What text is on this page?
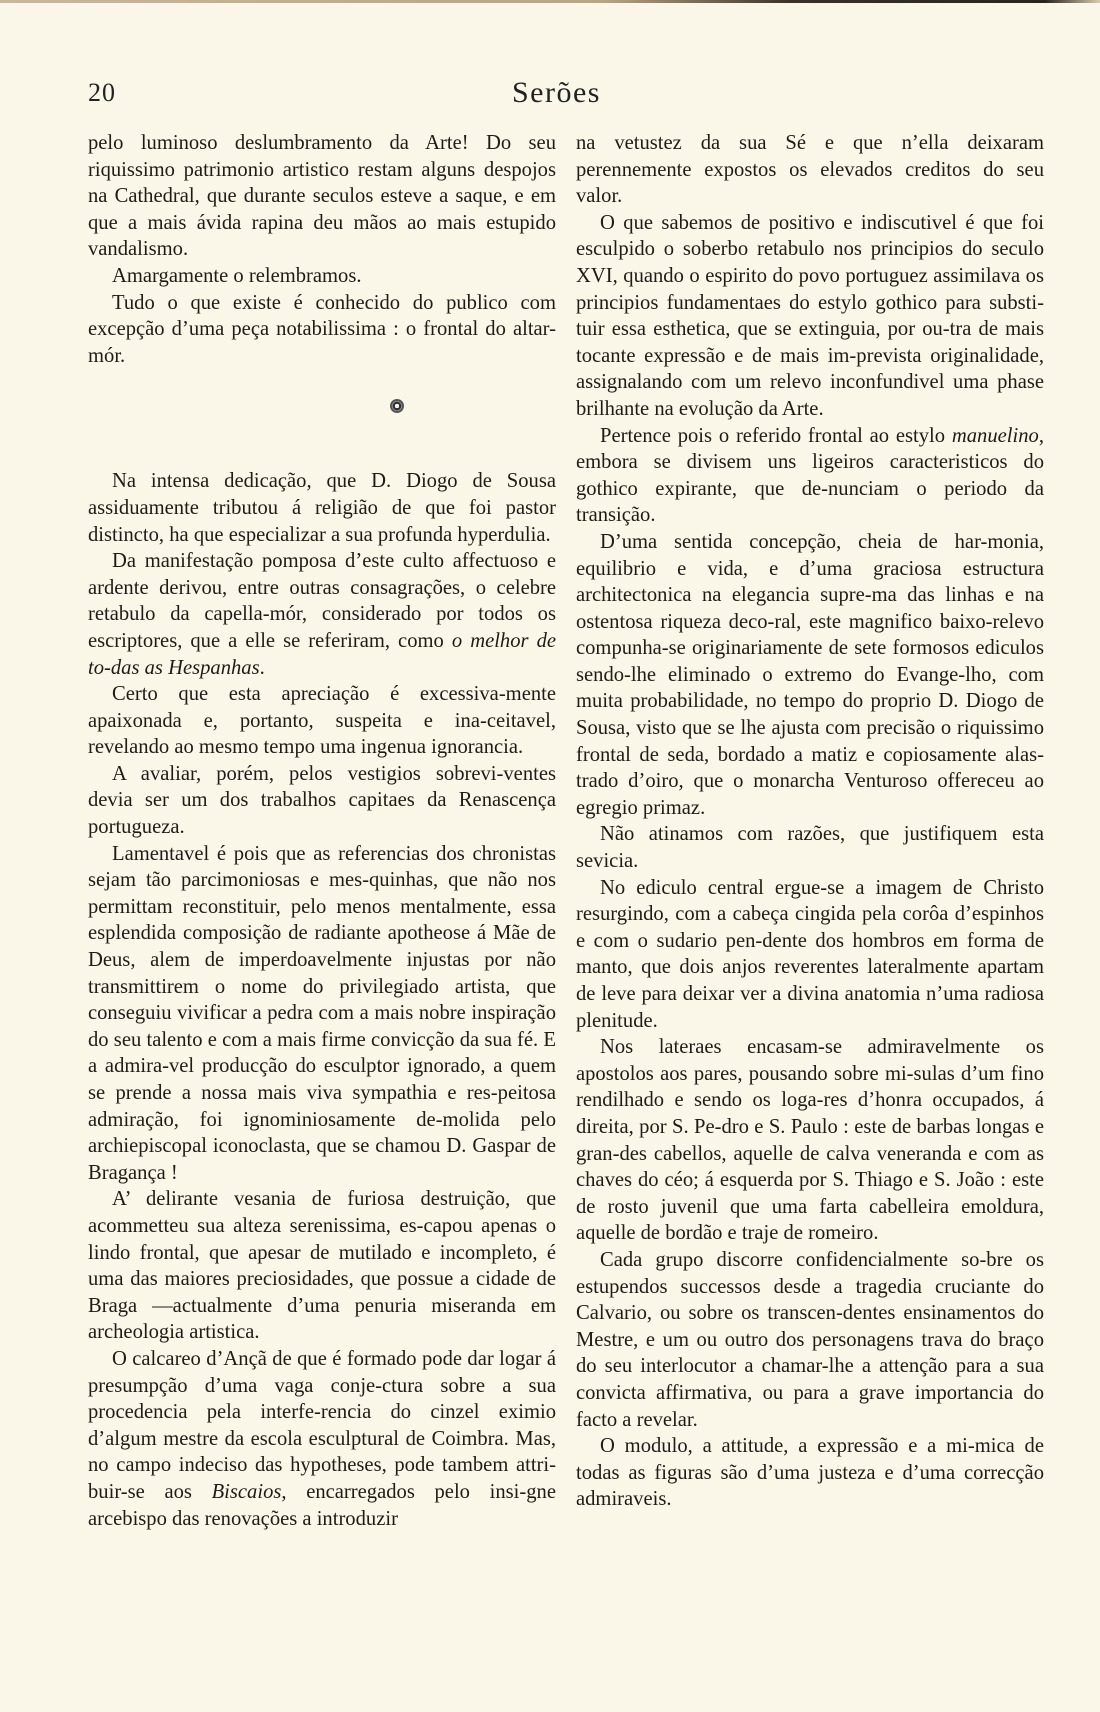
20	Serões

pelo luminoso deslumbramento da Arte! Do seu riquissimo patrimonio artistico restam alguns despojos na Cathedral, que durante seculos esteve a saque, e em que a mais ávida rapina deu mãos ao mais estupido vandalismo.

Amargamente o relembramos.

Tudo o que existe é conhecido do publico com excepção d’uma peça notabilissima : o frontal do altar-mór.

Na intensa dedicação, que D. Diogo de Sousa assiduamente tributou á religião de que foi pastor distincto, ha que especializar a sua profunda hyperdulia.

Da manifestação pomposa d’este culto affectuoso e ardente derivou, entre outras consagrações, o celebre retabulo da capella-mór, considerado por todos os escriptores, que a elle se referiram, como o melhor de to-das as Hespanhas.

Certo que esta apreciação é excessiva-mente apaixonada e, portanto, suspeita e ina-ceitavel, revelando ao mesmo tempo uma ingenua ignorancia.

A avaliar, porém, pelos vestigios sobrevi-ventes devia ser um dos trabalhos capitaes da Renascença portugueza.

Lamentavel é pois que as referencias dos chronistas sejam tão parcimoniosas e mes-quinhas, que não nos permittam reconstituir, pelo menos mentalmente, essa esplendida composição de radiante apotheose á Mãe de Deus, alem de imperdoavelmente injustas por não transmittirem o nome do privilegiado artista, que conseguiu vivificar a pedra com a mais nobre inspiração do seu talento e com a mais firme convicção da sua fé. E a admira-vel producção do esculptor ignorado, a quem se prende a nossa mais viva sympathia e res-peitosa admiração, foi ignominiosamente de-molida pelo archiepiscopal iconoclasta, que se chamou D. Gaspar de Bragança !

A’ delirante vesania de furiosa destruição, que acommetteu sua alteza serenissima, es-capou apenas o lindo frontal, que apesar de mutilado e incompleto, é uma das maiores preciosidades, que possue a cidade de Braga —actualmente d’uma penuria miseranda em archeologia artistica.

O calcareo d’Ançã de que é formado pode dar logar á presumpção d’uma vaga conje-ctura sobre a sua procedencia pela interfe-rencia do cinzel eximio d’algum mestre da escola esculptural de Coimbra. Mas, no campo indeciso das hypotheses, pode tambem attri-buir-se aos Biscaios, encarregados pelo insi-gne arcebispo das renovações a introduzir

na vetustez da sua Sé e que n’ella deixaram perennemente expostos os elevados creditos do seu valor.

O que sabemos de positivo e indiscutivel é que foi esculpido o soberbo retabulo nos principios do seculo XVI, quando o espirito do povo portuguez assimilava os principios fundamentaes do estylo gothico para substi-tuir essa esthetica, que se extinguia, por ou-tra de mais tocante expressão e de mais im-prevista originalidade, assignalando com um relevo inconfundivel uma phase brilhante na evolução da Arte.

Pertence pois o referido frontal ao estylo manuelino, embora se divisem uns ligeiros caracteristicos do gothico expirante, que de-nunciam o periodo da transição.

D’uma sentida concepção, cheia de har-monia, equilibrio e vida, e d’uma graciosa estructura architectonica na elegancia supre-ma das linhas e na ostentosa riqueza deco-ral, este magnifico baixo-relevo compunha-se originariamente de sete formosos ediculos sendo-lhe eliminado o extremo do Evange-lho, com muita probabilidade, no tempo do proprio D. Diogo de Sousa, visto que se lhe ajusta com precisão o riquissimo frontal de seda, bordado a matiz e copiosamente alas-trado d’oiro, que o monarcha Venturoso offereceu ao egregio primaz.

Não atinamos com razões, que justifiquem esta sevicia.

No ediculo central ergue-se a imagem de Christo resurgindo, com a cabeça cingida pela corôa d’espinhos e com o sudario pen-dente dos hombros em forma de manto, que dois anjos reverentes lateralmente apartam de leve para deixar ver a divina anatomia n’uma radiosa plenitude.

Nos lateraes encasam-se admiravelmente os apostolos aos pares, pousando sobre mi-sulas d’um fino rendilhado e sendo os loga-res d’honra occupados, á direita, por S. Pe-dro e S. Paulo : este de barbas longas e gran-des cabellos, aquelle de calva veneranda e com as chaves do céo; á esquerda por S. Thiago e S. João : este de rosto juvenil que uma farta cabelleira emoldura, aquelle de bordão e traje de romeiro.

Cada grupo discorre confidencialmente so-bre os estupendos successos desde a tragedia cruciante do Calvario, ou sobre os transcen-dentes ensinamentos do Mestre, e um ou outro dos personagens trava do braço do seu interlocutor a chamar-lhe a attenção para a sua convicta affirmativa, ou para a grave importancia do facto a revelar.

O modulo, a attitude, a expressão e a mi-mica de todas as figuras são d’uma justeza e d’uma correcção admiraveis.
